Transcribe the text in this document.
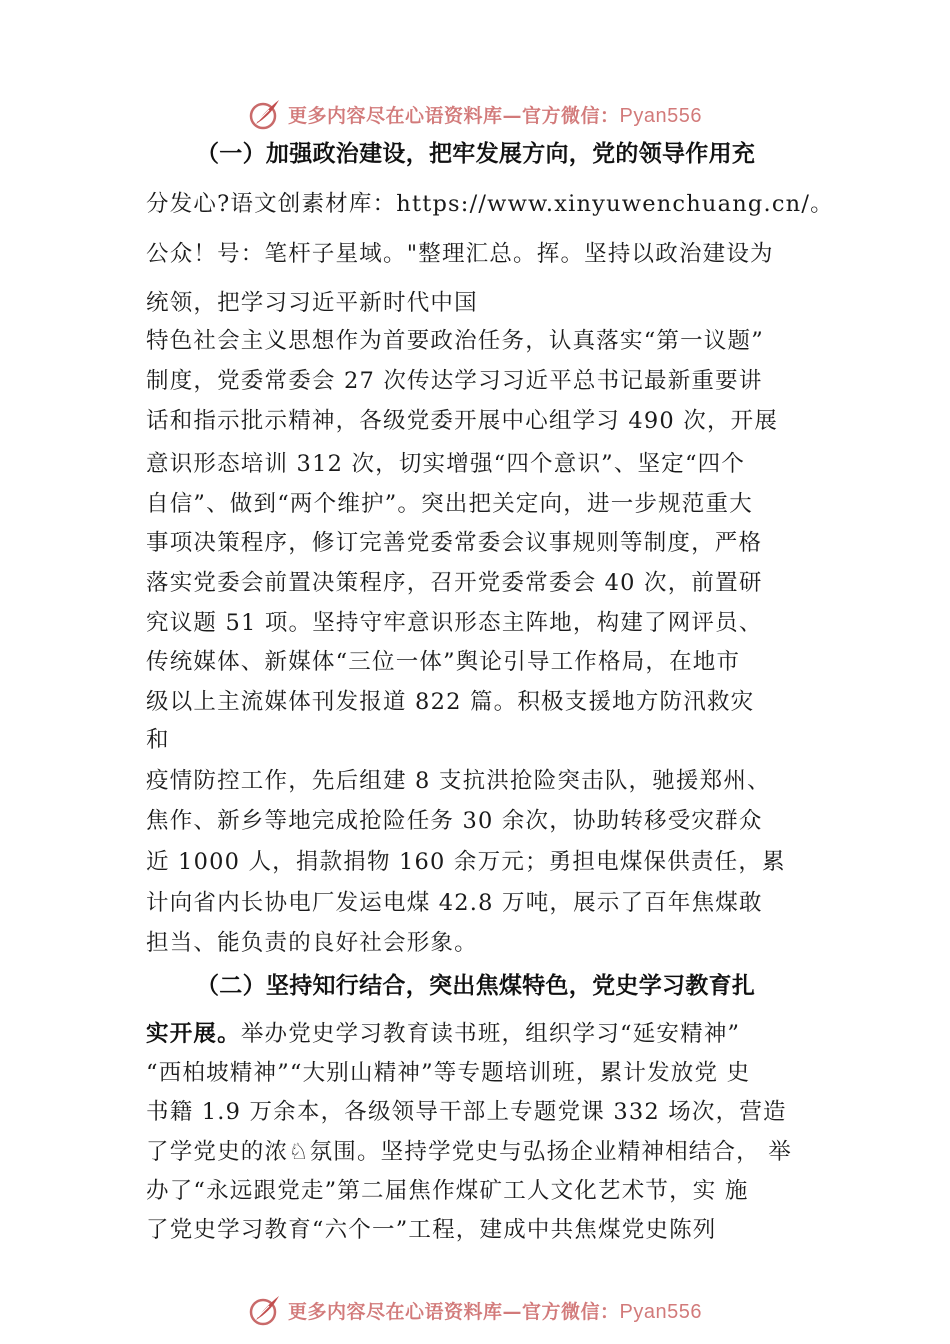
更多内容尽在心语资料库—官方微信：Pyan556
（一）加强政治建设，把牢发展方向，党的领导作用充
分发心?语文创素材库：https://www.xinyuwenchuang.cn/。
公众！号：笔杆子星域。"整理汇总。挥。坚持以政治建设为
统领，把学习习近平新时代中国
特色社会主义思想作为首要政治任务，认真落实“第一议题”
制度，党委常委会 27 次传达学习习近平总书记最新重要讲
话和指示批示精神，各级党委开展中心组学习 490 次，开展
意识形态培训 312 次，切实增强“四个意识”、坚定“四个
自信”、做到“两个维护”。突出把关定向，进一步规范重大
事项决策程序，修订完善党委常委会议事规则等制度，严格
落实党委会前置决策程序，召开党委常委会 40 次，前置研
究议题 51 项。坚持守牢意识形态主阵地，构建了网评员、
传统媒体、新媒体“三位一体”舆论引导工作格局，在地市
级以上主流媒体刊发报道 822 篇。积极支援地方防汛救灾
和
疫情防控工作，先后组建 8 支抗洪抢险突击队，驰援郑州、
焦作、新乡等地完成抢险任务 30 余次，协助转移受灾群众
近 1000 人，捐款捐物 160 余万元；勇担电煤保供责任，累
计向省内长协电厂发运电煤 42.8 万吨，展示了百年焦煤敢
担当、能负责的良好社会形象。
（二）坚持知行结合，突出焦煤特色，党史学习教育扎
实开展。举办党史学习教育读书班，组织学习“延安精神”
“西柏坡精神”“大别山精神”等专题培训班，累计发放党 史
书籍 1.9 万余本，各级领导干部上专题党课 332 场次，营造
了学党史的浓♘氛围。坚持学党史与弘扬企业精神相结合， 举
办了“永远跟党走”第二届焦作煤矿工人文化艺术节，实 施
了党史学习教育“六个一”工程，建成中共焦煤党史陈列
更多内容尽在心语资料库—官方微信：Pyan556
